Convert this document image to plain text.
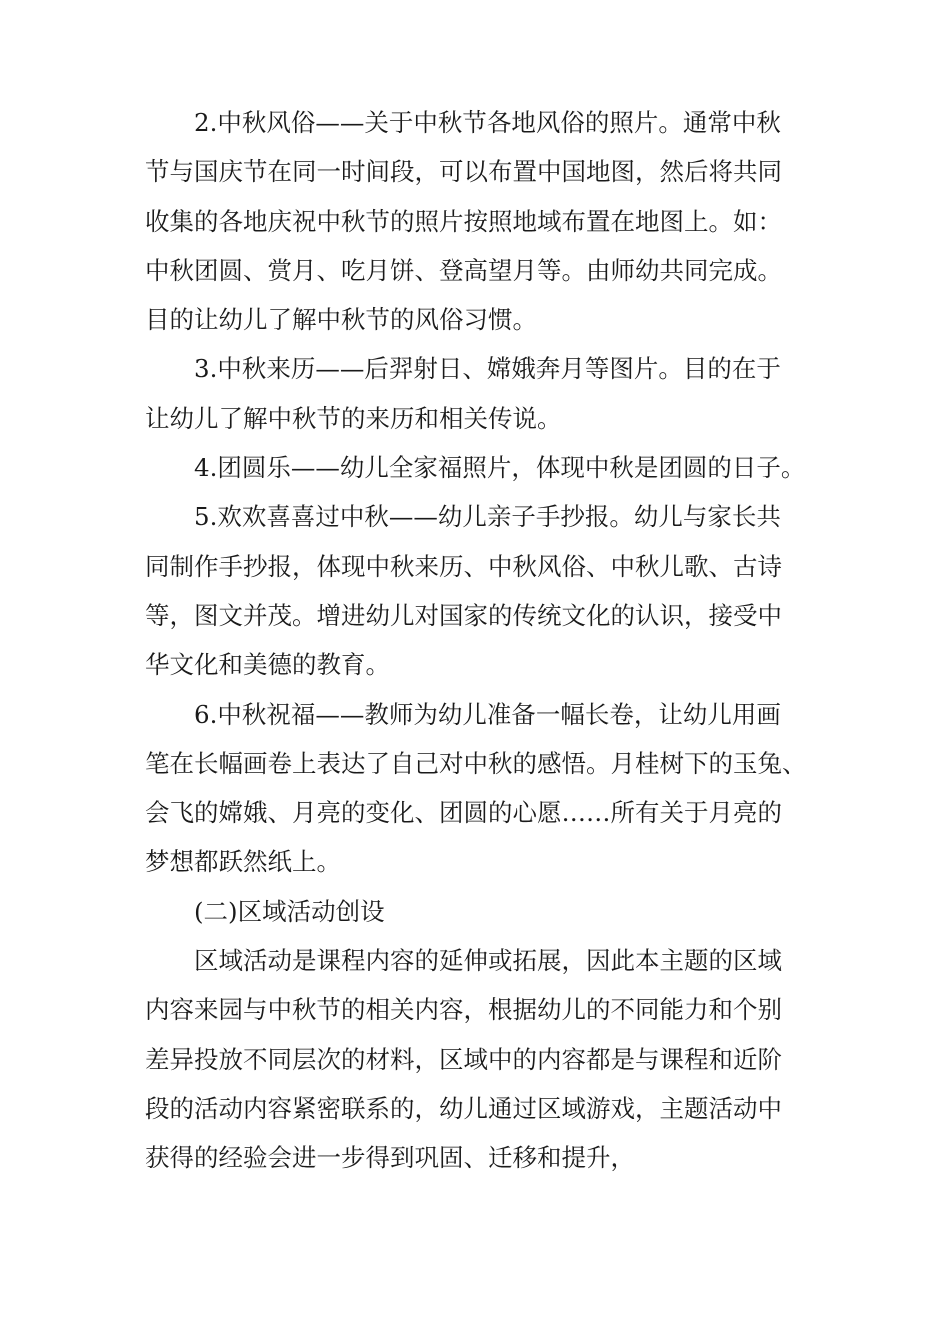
2.中秋风俗——关于中秋节各地风俗的照片。通常中秋
节与国庆节在同一时间段，可以布置中国地图，然后将共同
收集的各地庆祝中秋节的照片按照地域布置在地图上。如：
中秋团圆、赏月、吃月饼、登高望月等。由师幼共同完成。
目的让幼儿了解中秋节的风俗习惯。
3.中秋来历——后羿射日、嫦娥奔月等图片。目的在于
让幼儿了解中秋节的来历和相关传说。
4.团圆乐——幼儿全家福照片，体现中秋是团圆的日子。
5.欢欢喜喜过中秋——幼儿亲子手抄报。幼儿与家长共
同制作手抄报，体现中秋来历、中秋风俗、中秋儿歌、古诗
等，图文并茂。增进幼儿对国家的传统文化的认识，接受中
华文化和美德的教育。
6.中秋祝福——教师为幼儿准备一幅长卷，让幼儿用画
笔在长幅画卷上表达了自己对中秋的感悟。月桂树下的玉兔、
会飞的嫦娥、月亮的变化、团圆的心愿……所有关于月亮的
梦想都跃然纸上。
(二)区域活动创设
区域活动是课程内容的延伸或拓展，因此本主题的区域
内容来园与中秋节的相关内容，根据幼儿的不同能力和个别
差异投放不同层次的材料，区域中的内容都是与课程和近阶
段的活动内容紧密联系的，幼儿通过区域游戏，主题活动中
获得的经验会进一步得到巩固、迁移和提升，
